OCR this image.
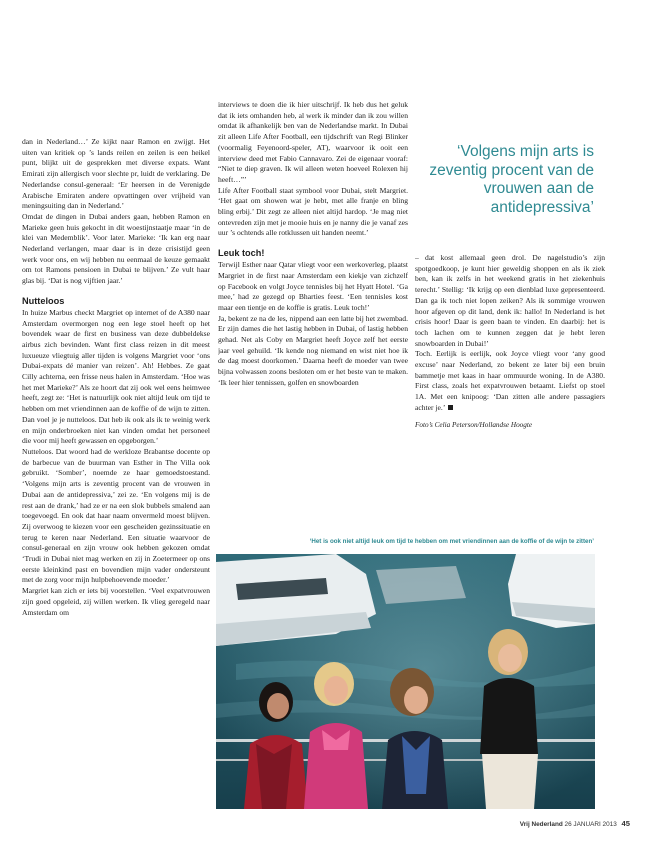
dan in Nederland…’ Ze kijkt naar Ramon en zwijgt. Het uiten van kritiek op ’s lands reilen en zeilen is een heikel punt, blijkt uit de gesprekken met diverse expats. Want Emirati zijn allergisch voor slechte pr, luidt de verklaring. De Nederlandse consul-generaal: ‘Er heersen in de Verenigde Arabische Emiraten andere opvattingen over vrijheid van meningsuiting dan in Nederland.’

Omdat de dingen in Dubai anders gaan, hebben Ramon en Marieke geen huis gekocht in dit woestijnstaatje maar ‘in de klei van Medemblik’. Voor later. Marieke: ‘Ik kan erg naar Nederland verlangen, maar daar is in deze crisistijd geen werk voor ons, en wij hebben nu eenmaal de keuze gemaakt om tot Ramons pensioen in Dubai te blijven.’ Ze vult haar glas bij. ‘Dat is nog vijftien jaar.’

Nutteloos

In huize Marbus checkt Margriet op internet of de A380 naar Amsterdam overmorgen nog een lege stoel heeft op het bovendek waar de first en business van deze dubbeldekse airbus zich bevinden. Want first class reizen in dit meest luxueuze vliegtuig aller tijden is volgens Margriet voor ‘ons Dubai-expats dé manier van reizen’. Ah! Hebbes. Ze gaat Cilly achterna, een frisse neus halen in Amsterdam. ‘Hoe was het met Marieke?’ Als ze hoort dat zij ook wel eens heimwee heeft, zegt ze: ‘Het is natuurlijk ook niet altijd leuk om tijd te hebben om met vriendinnen aan de koffie of de wijn te zitten. Dan voel je je nutteloos. Dat heb ik ook als ik te weinig werk en mijn onderbroeken niet kan vinden omdat het personeel die voor mij heeft gewassen en opgeborgen.’

Nutteloos. Dat woord had de werkloze Brabantse docente op de barbecue van de buurman van Esther in The Villa ook gebruikt. ‘Somber’, noemde ze haar gemoedstoestand. ‘Volgens mijn arts is zeventig procent van de vrouwen in Dubai aan de antidepressiva,’ zei ze. ‘En volgens mij is de rest aan de drank,’ had ze er na een slok bubbels smalend aan toegevoegd. En ook dat haar naam onvermeld moest blijven. Zij overwoog te kiezen voor een gescheiden gezinssituatie en terug te keren naar Nederland. Een situatie waarvoor de consul-generaal en zijn vrouw ook hebben gekozen omdat ‘Trudi in Dubai niet mag werken en zij in Zoetermeer op ons eerste kleinkind past en bovendien mijn vader ondersteunt met de zorg voor mijn hulpbehoevende moeder.’

Margriet kan zich er iets bij voorstellen. ‘Veel expatvrouwen zijn goed opgeleid, zij willen werken. Ik vlieg geregeld naar Amsterdam om

interviews te doen die ik hier uitschrijf. Ik heb dus het geluk dat ik iets omhanden heb, al werk ik minder dan ik zou willen omdat ik afhankelijk ben van de Nederlandse markt. In Dubai zit alleen Life After Football, een tijdschrift van Regi Blinker (voormalig Feyenoord-speler, AT), waarvoor ik ooit een interview deed met Fabio Cannavaro. Zei de eigenaar vooraf: “Niet te diep graven. Ik wil alleen weten hoeveel Rolexen hij heeft…”’

Life After Football staat symbool voor Dubai, stelt Margriet. ‘Het gaat om showen wat je hebt, met alle franje en bling bling erbij.’ Dit zegt ze alleen niet altijd hardop. ‘Je mag niet ontevreden zijn met je mooie huis en je nanny die je vanaf zes uur ’s ochtends alle rotklussen uit handen neemt.’

Leuk toch!

Terwijl Esther naar Qatar vliegt voor een werkoverleg, plaatst Margriet in de first naar Amsterdam een kiekje van zichzelf op Facebook en volgt Joyce tennisles bij het Hyatt Hotel. ‘Ga mee,’ had ze gezegd op Bharties feest. ‘Een tennisles kost maar een tientje en de koffie is gratis. Leuk toch!’

Ja, bekent ze na de les, nippend aan een latte bij het zwembad. Er zijn dames die het lastig hebben in Dubai, of lastig hebben gehad. Net als Coby en Margriet heeft Joyce zelf het eerste jaar veel gehuild. ‘Ik kende nog niemand en wist niet hoe ik de dag moest doorkomen.’ Daarna heeft de moeder van twee bijna volwassen zoons besloten om er het beste van te maken. ‘Ik leer hier tennissen, golfen en snowboarden

‘Volgens mijn arts is zeventig procent van de vrouwen aan de antidepressiva’

– dat kost allemaal geen drol. De nagelstudio’s zijn spotgoedkoop, je kunt hier geweldig shoppen en als ik ziek ben, kan ik zelfs in het weekend gratis in het ziekenhuis terecht.’ Stellig: ‘Ik krijg op een dienblad luxe gepresenteerd. Dan ga ik toch niet lopen zeiken? Als ik sommige vrouwen hoor afgeven op dit land, denk ik: hallo! In Nederland is het crisis hoor! Daar is geen baan te vinden. En daarbij: het is toch lachen om te kunnen zeggen dat je hebt leren snowboarden in Dubai!’

Toch. Eerlijk is eerlijk, ook Joyce vliegt voor ‘any good excuse’ naar Nederland, zo bekent ze later bij een bruin bammetje met kaas in haar ommuurde woning. In de A380. First class, zoals het expatvrouwen betaamt. Liefst op stoel 1A. Met een knipoog: ‘Dan zitten alle andere passagiers achter je.’

Foto’s Celia Peterson/Hollandse Hoogte

‘Het is ook niet altijd leuk om tijd te hebben om met vriendinnen aan de koffie of de wijn te zitten’
Vrij Nederland 26 JANUARI 2013 45
